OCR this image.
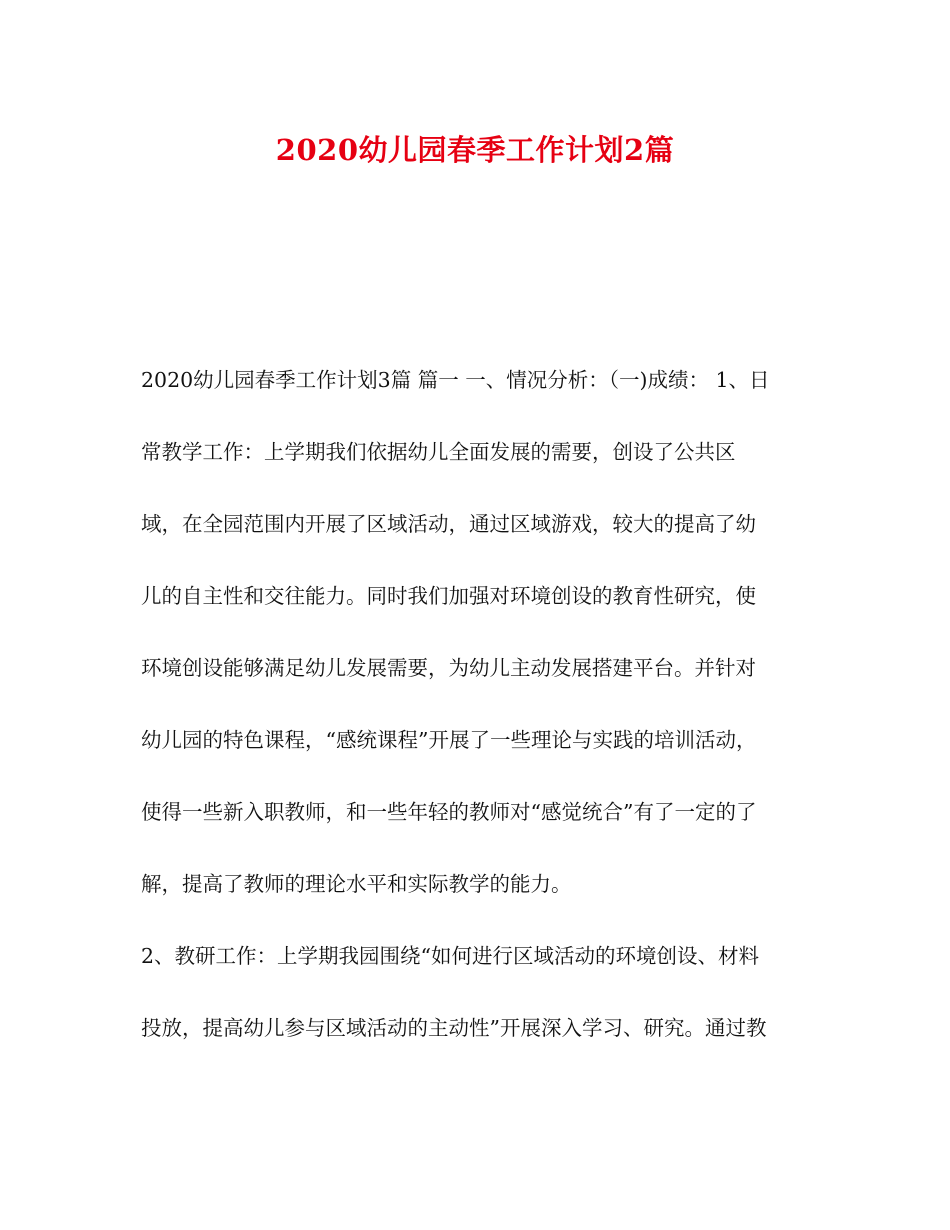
2020幼儿园春季工作计划2篇
2020幼儿园春季工作计划3篇 篇一 一、情况分析：（一)成绩： 1、日
常教学工作：上学期我们依据幼儿全面发展的需要，创设了公共区
域，在全园范围内开展了区域活动，通过区域游戏，较大的提高了幼
儿的自主性和交往能力。同时我们加强对环境创设的教育性研究，使
环境创设能够满足幼儿发展需要，为幼儿主动发展搭建平台。并针对
幼儿园的特色课程，“感统课程”开展了一些理论与实践的培训活动，
使得一些新入职教师，和一些年轻的教师对“感觉统合”有了一定的了
解，提高了教师的理论水平和实际教学的能力。
2、教研工作：上学期我园围绕“如何进行区域活动的环境创设、材料
投放，提高幼儿参与区域活动的主动性”开展深入学习、研究。通过教
